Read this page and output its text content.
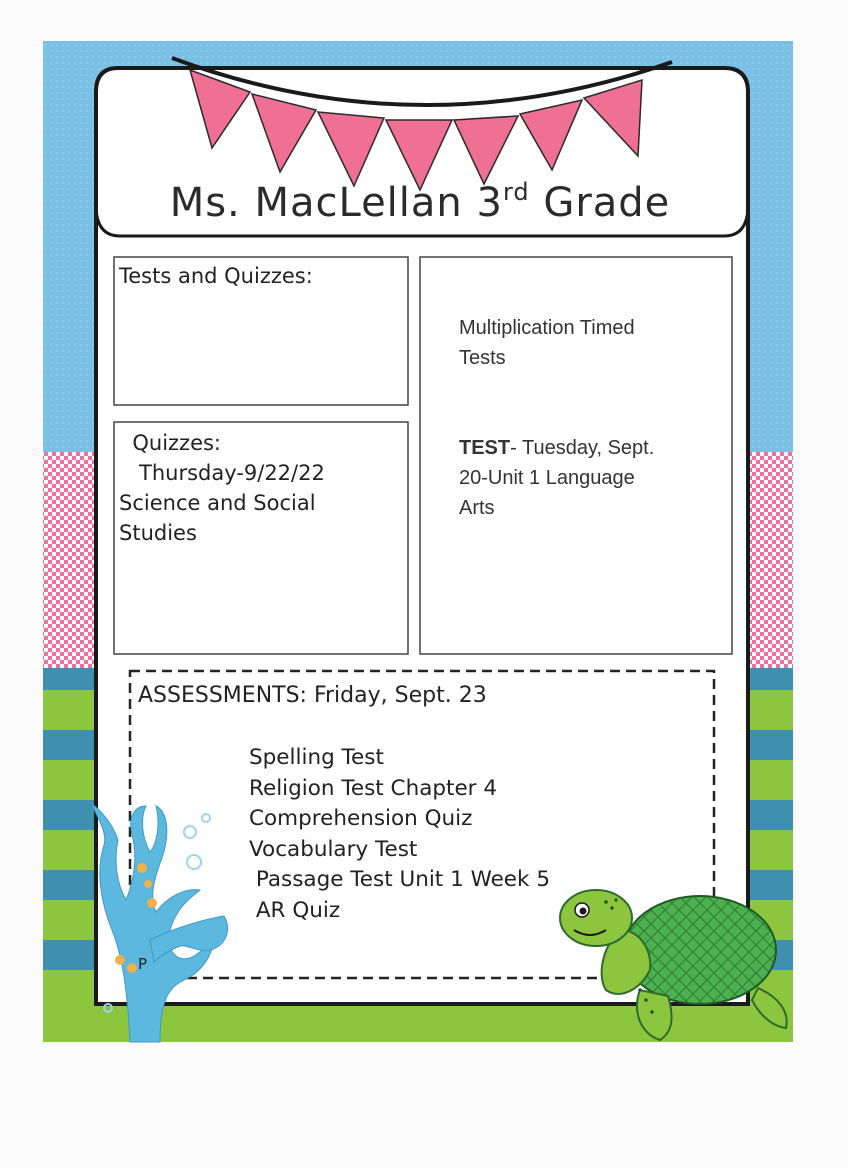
Ms. MacLellan 3rd Grade
Tests and Quizzes:
Quizzes:
Thursday-9/22/22
Science and Social
Studies
Multiplication Timed
Tests
TEST- Tuesday, Sept.
20-Unit 1 Language
Arts
ASSESSMENTS: Friday, Sept. 23
Spelling Test
Religion Test Chapter 4
Comprehension Quiz
Vocabulary Test
Passage Test Unit 1 Week 5
AR Quiz
P
